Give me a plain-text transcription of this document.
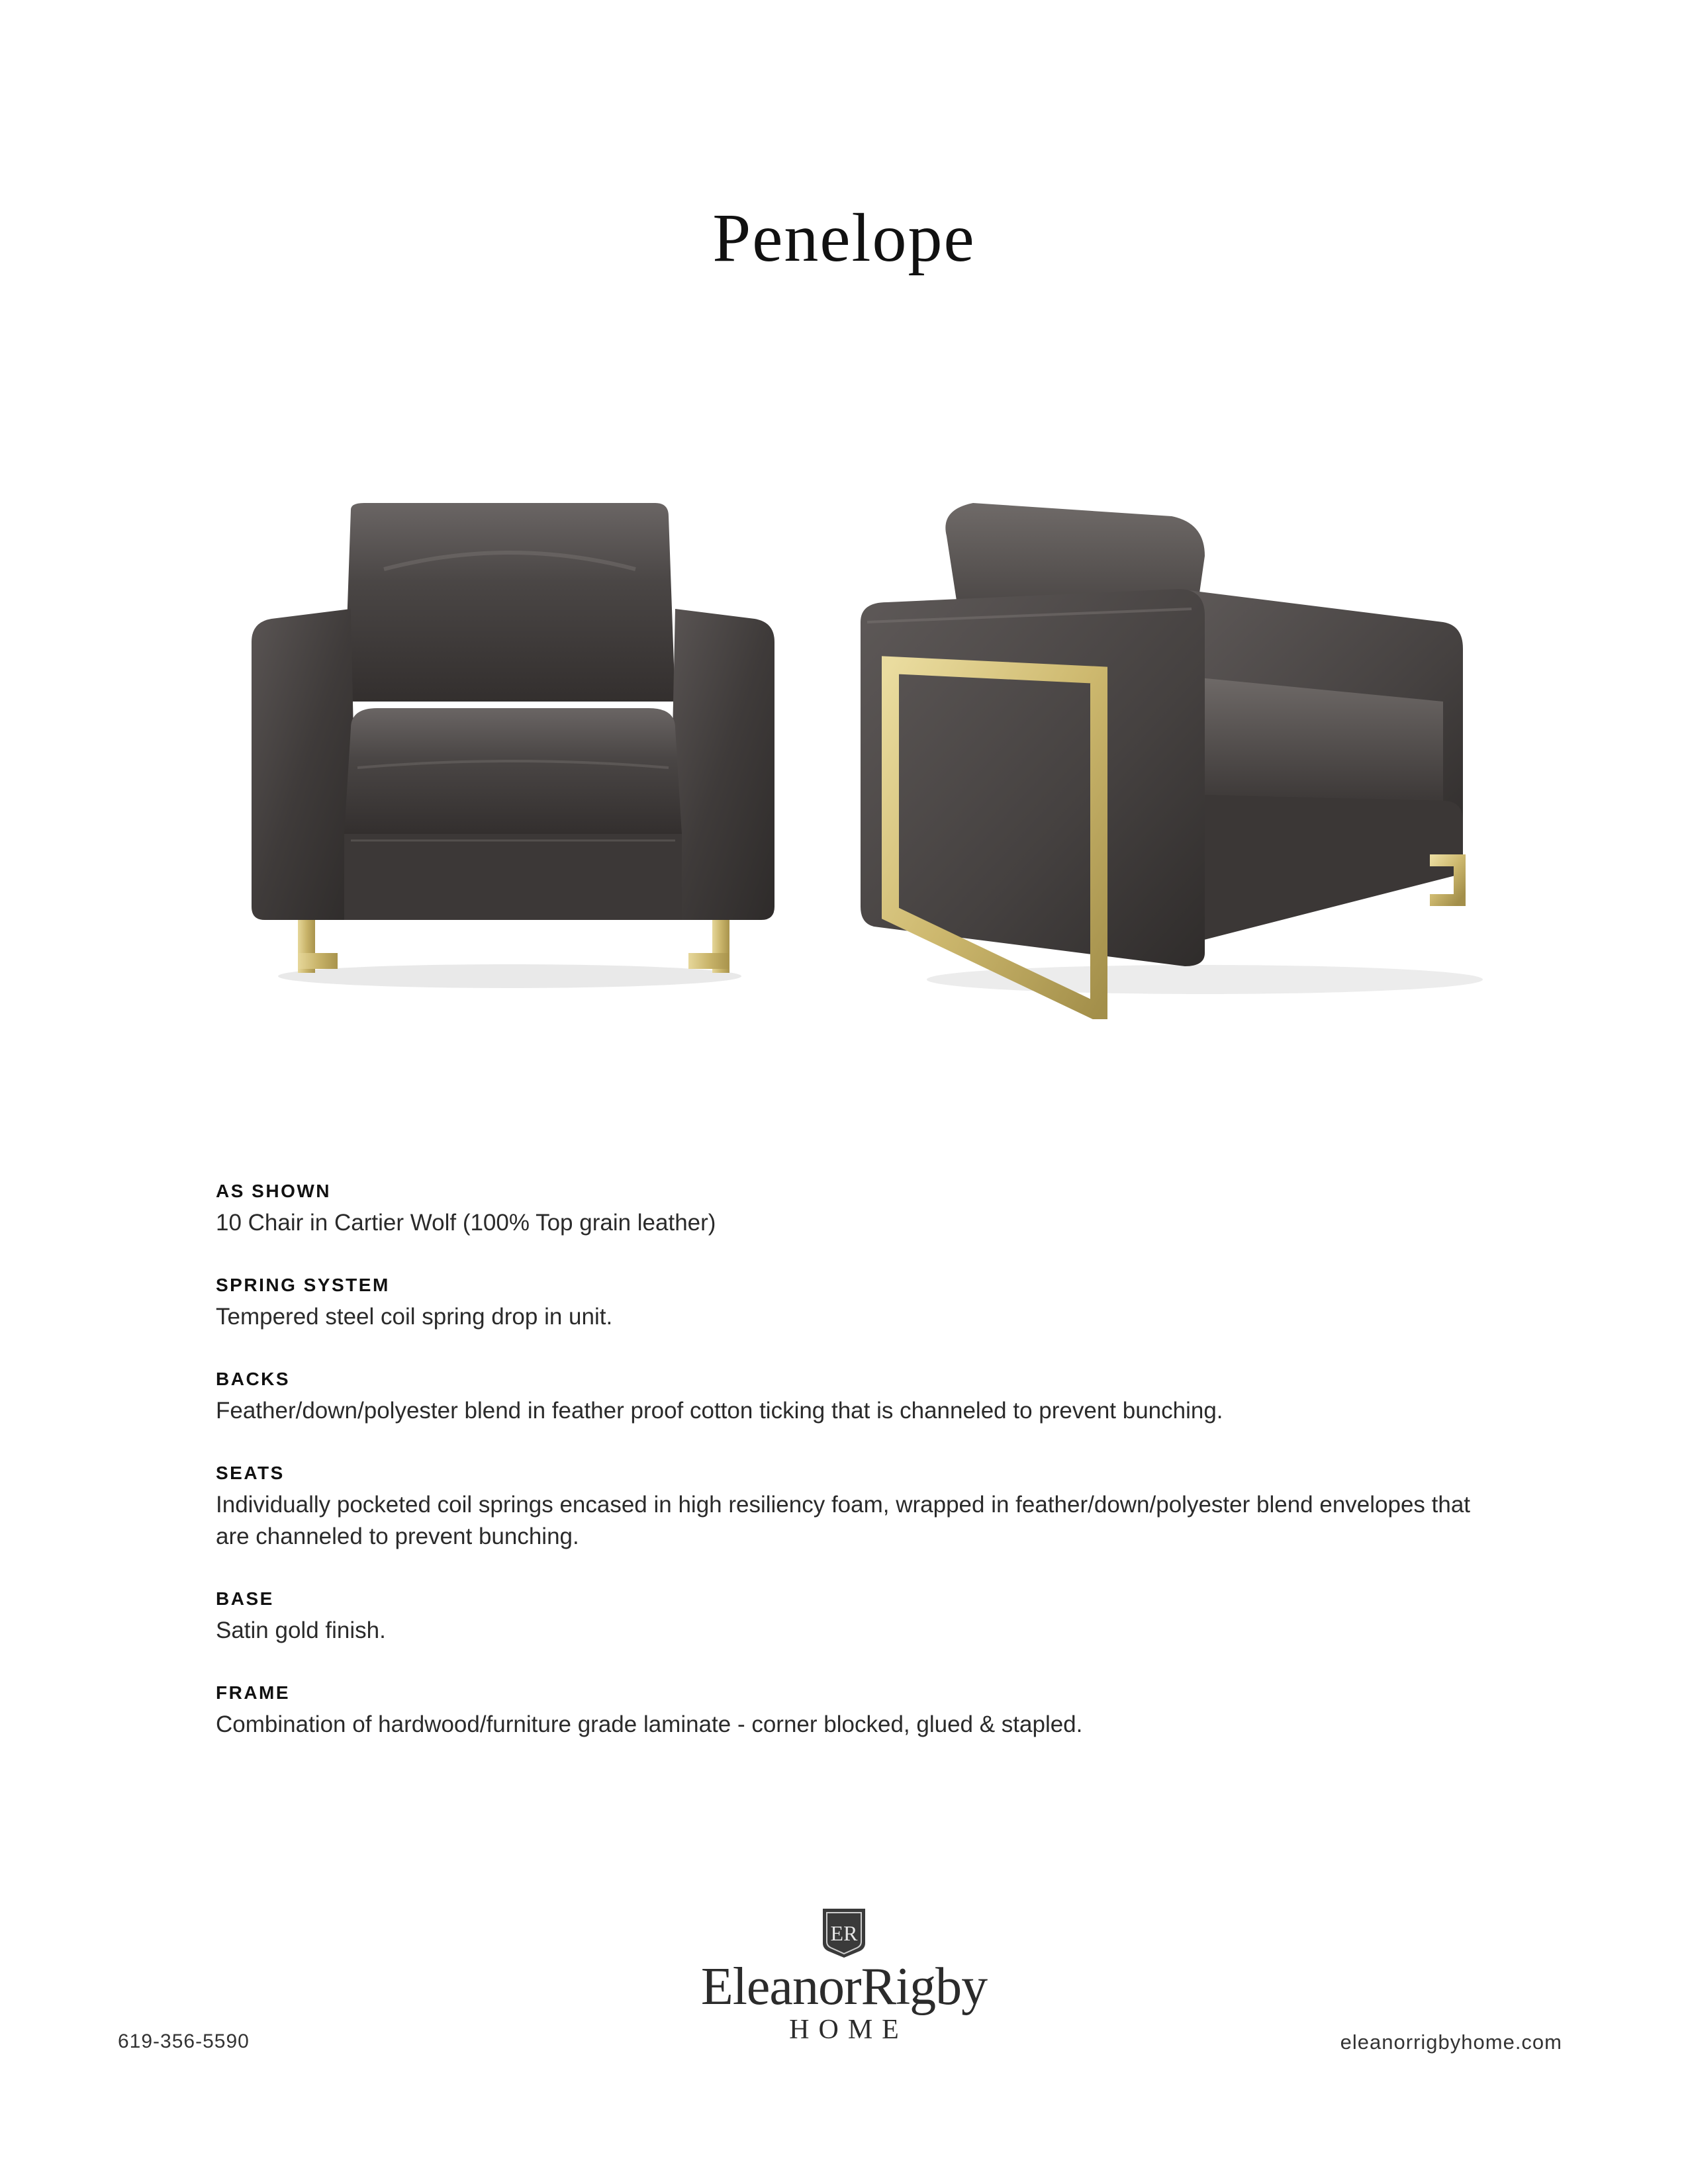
Penelope
AS SHOWN
10 Chair in Cartier Wolf (100% Top grain leather)
SPRING SYSTEM
Tempered steel coil spring drop in unit.
BACKS
Feather/down/polyester blend in feather proof cotton ticking that is channeled to prevent bunching.
SEATS
Individually pocketed coil springs encased in high resiliency foam, wrapped in feather/down/polyester blend envelopes that are channeled to prevent bunching.
BASE
Satin gold finish.
FRAME
Combination of hardwood/furniture grade laminate - corner blocked, glued & stapled.
619-356-5590
ER
EleanorRigby
HOME	eleanorrigbyhome.com
